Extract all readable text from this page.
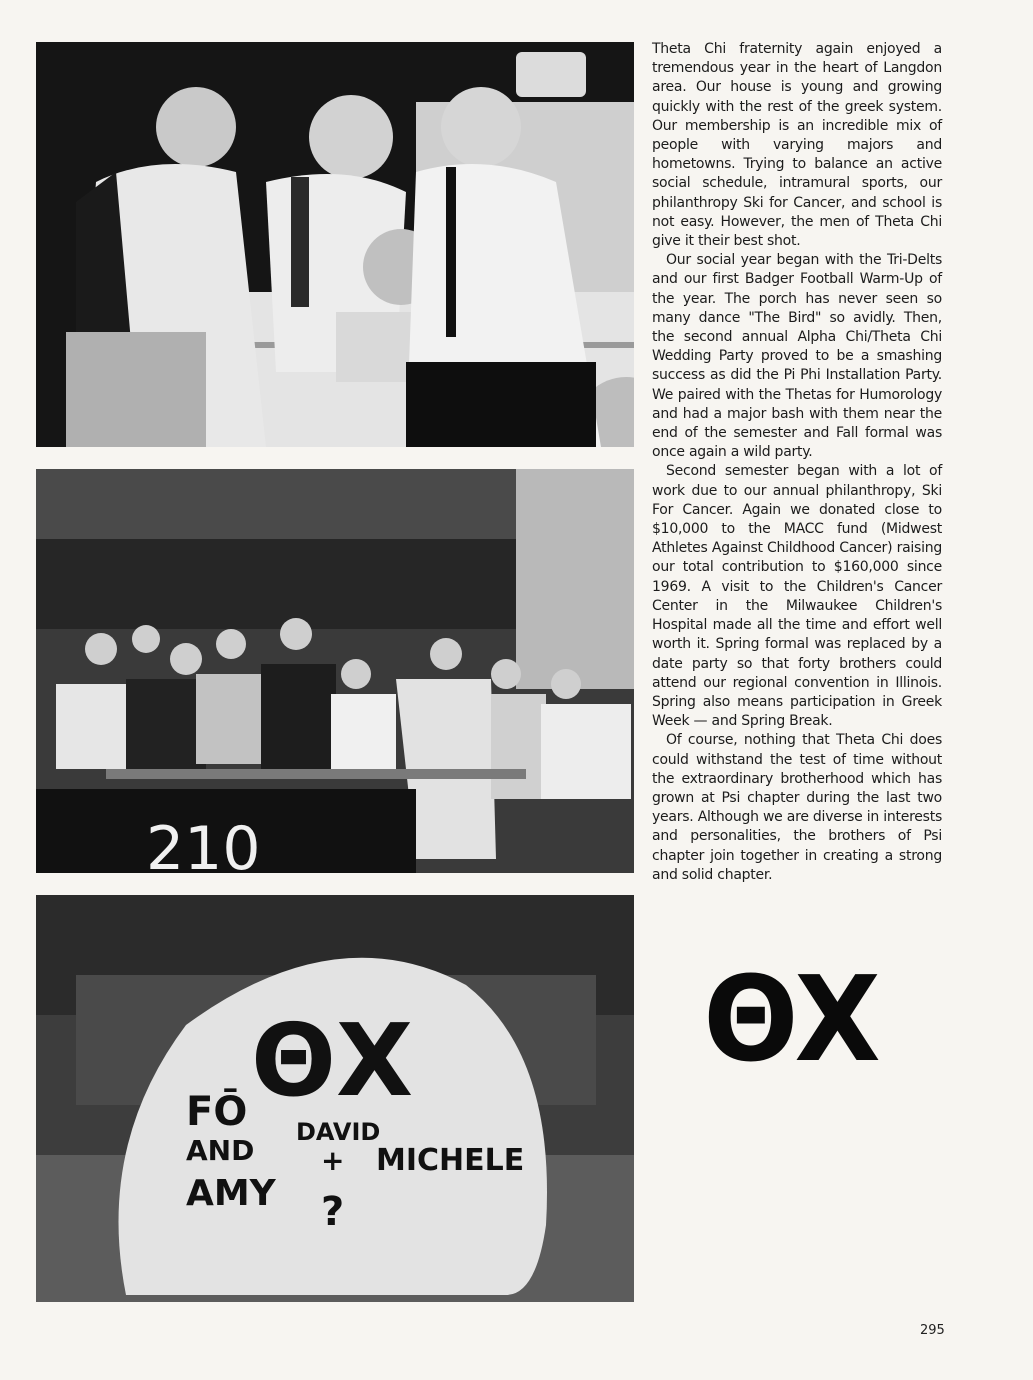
210
ΘΧ
FŌ
AND
AMY
DAVID
+
?
MICHELE

Theta Chi fraternity again enjoyed a tremendous year in the heart of Langdon area. Our house is young and growing quickly with the rest of the greek system. Our membership is an incredible mix of people with varying majors and hometowns. Trying to balance an active social schedule, intramural sports, our philanthropy Ski for Cancer, and school is not easy. However, the men of Theta Chi give it their best shot.

Our social year began with the Tri-Delts and our first Badger Football Warm-Up of the year. The porch has never seen so many dance "The Bird" so avidly. Then, the second annual Alpha Chi/Theta Chi Wedding Party proved to be a smashing success as did the Pi Phi Installation Party. We paired with the Thetas for Humorology and had a major bash with them near the end of the semester and Fall formal was once again a wild party.

Second semester began with a lot of work due to our annual philanthropy, Ski For Cancer. Again we donated close to $10,000 to the MACC fund (Midwest Athletes Against Childhood Cancer) raising our total contribution to $160,000 since 1969. A visit to the Children's Cancer Center in the Milwaukee Children's Hospital made all the time and effort well worth it. Spring formal was replaced by a date party so that forty brothers could attend our regional convention in Illinois. Spring also means participation in Greek Week — and Spring Break.

Of course, nothing that Theta Chi does could withstand the test of time without the extraordinary brotherhood which has grown at Psi chapter during the last two years. Although we are diverse in interests and personalities, the brothers of Psi chapter join together in creating a strong and solid chapter.

ΘΧ
295
